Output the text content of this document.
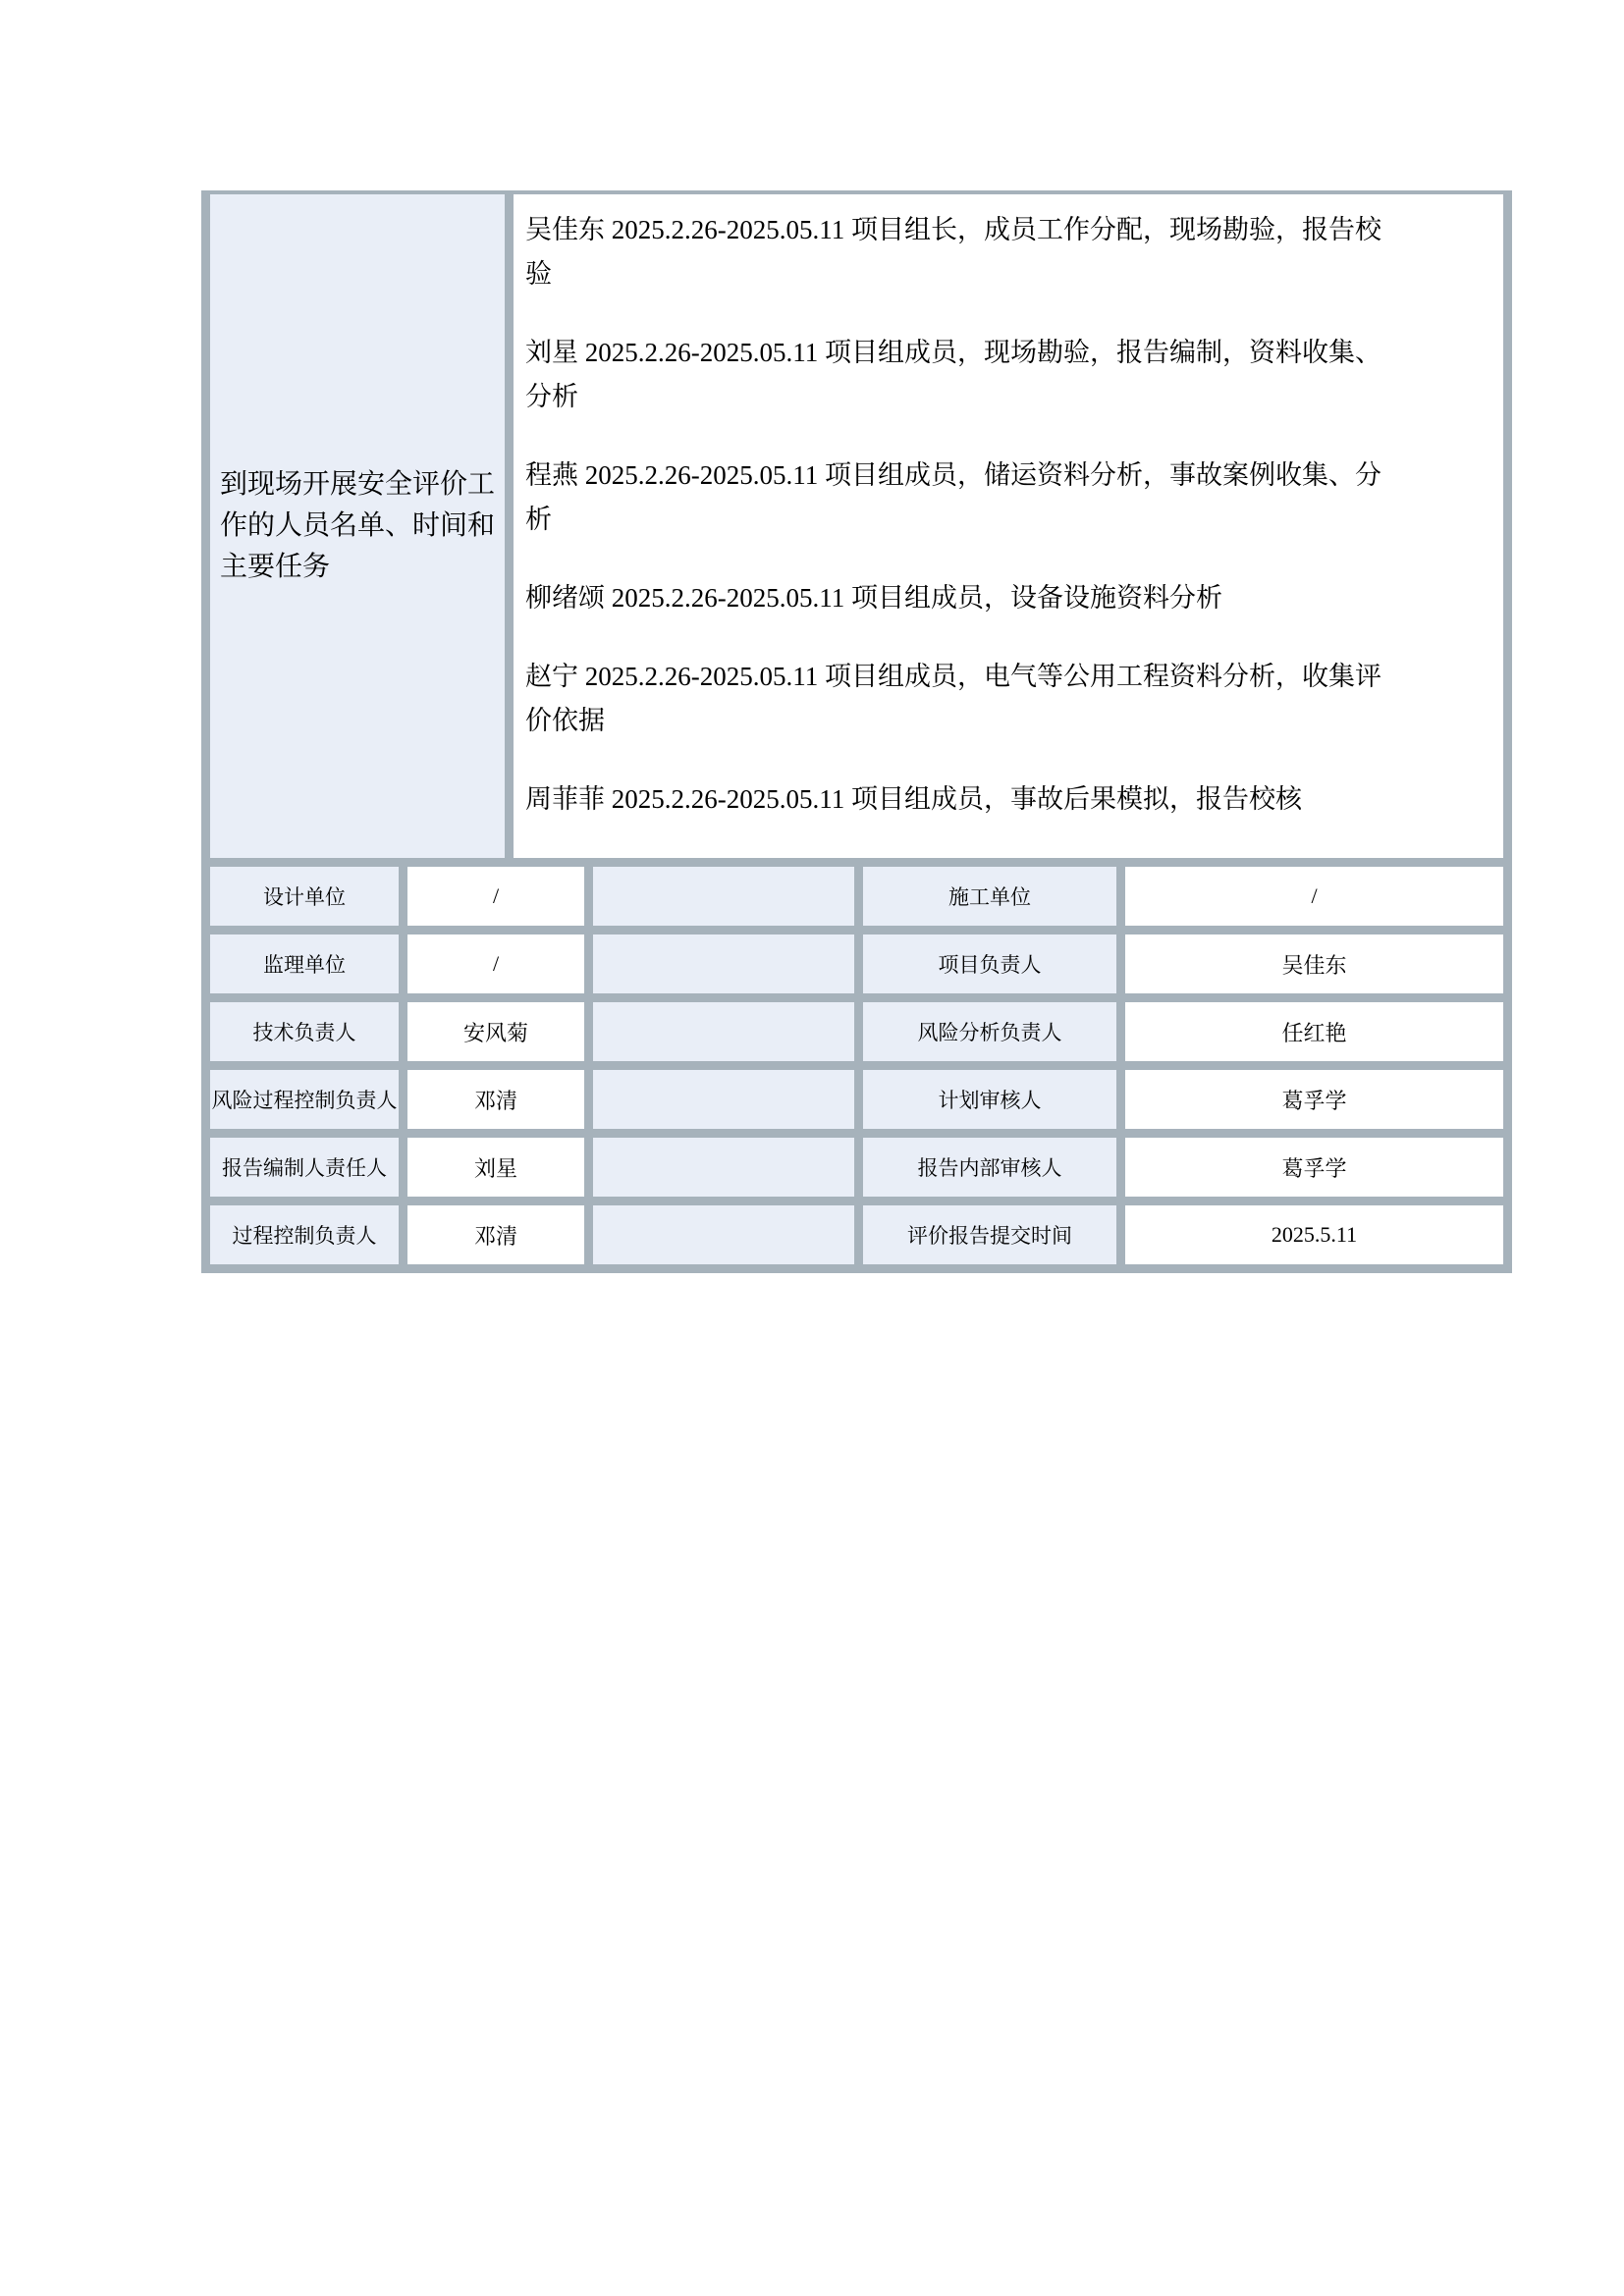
到现场开展安全评价工作的人员名单、时间和主要任务

吴佳东 2025.2.26-2025.05.11 项目组长，成员工作分配，现场勘验，报告校验

刘星 2025.2.26-2025.05.11 项目组成员，现场勘验，报告编制，资料收集、分析

程燕 2025.2.26-2025.05.11 项目组成员，储运资料分析，事故案例收集、分析

柳绪颂 2025.2.26-2025.05.11 项目组成员，设备设施资料分析

赵宁 2025.2.26-2025.05.11 项目组成员，电气等公用工程资料分析，收集评价依据

周菲菲 2025.2.26-2025.05.11 项目组成员，事故后果模拟，报告校核

设计单位	/	施工单位	/
监理单位	/	项目负责人	吴佳东
技术负责人	安风菊	风险分析负责人	任红艳
风险过程控制负责人	邓清	计划审核人	葛孚学
报告编制人责任人	刘星	报告内部审核人	葛孚学
过程控制负责人	邓清	评价报告提交时间	2025.5.11
